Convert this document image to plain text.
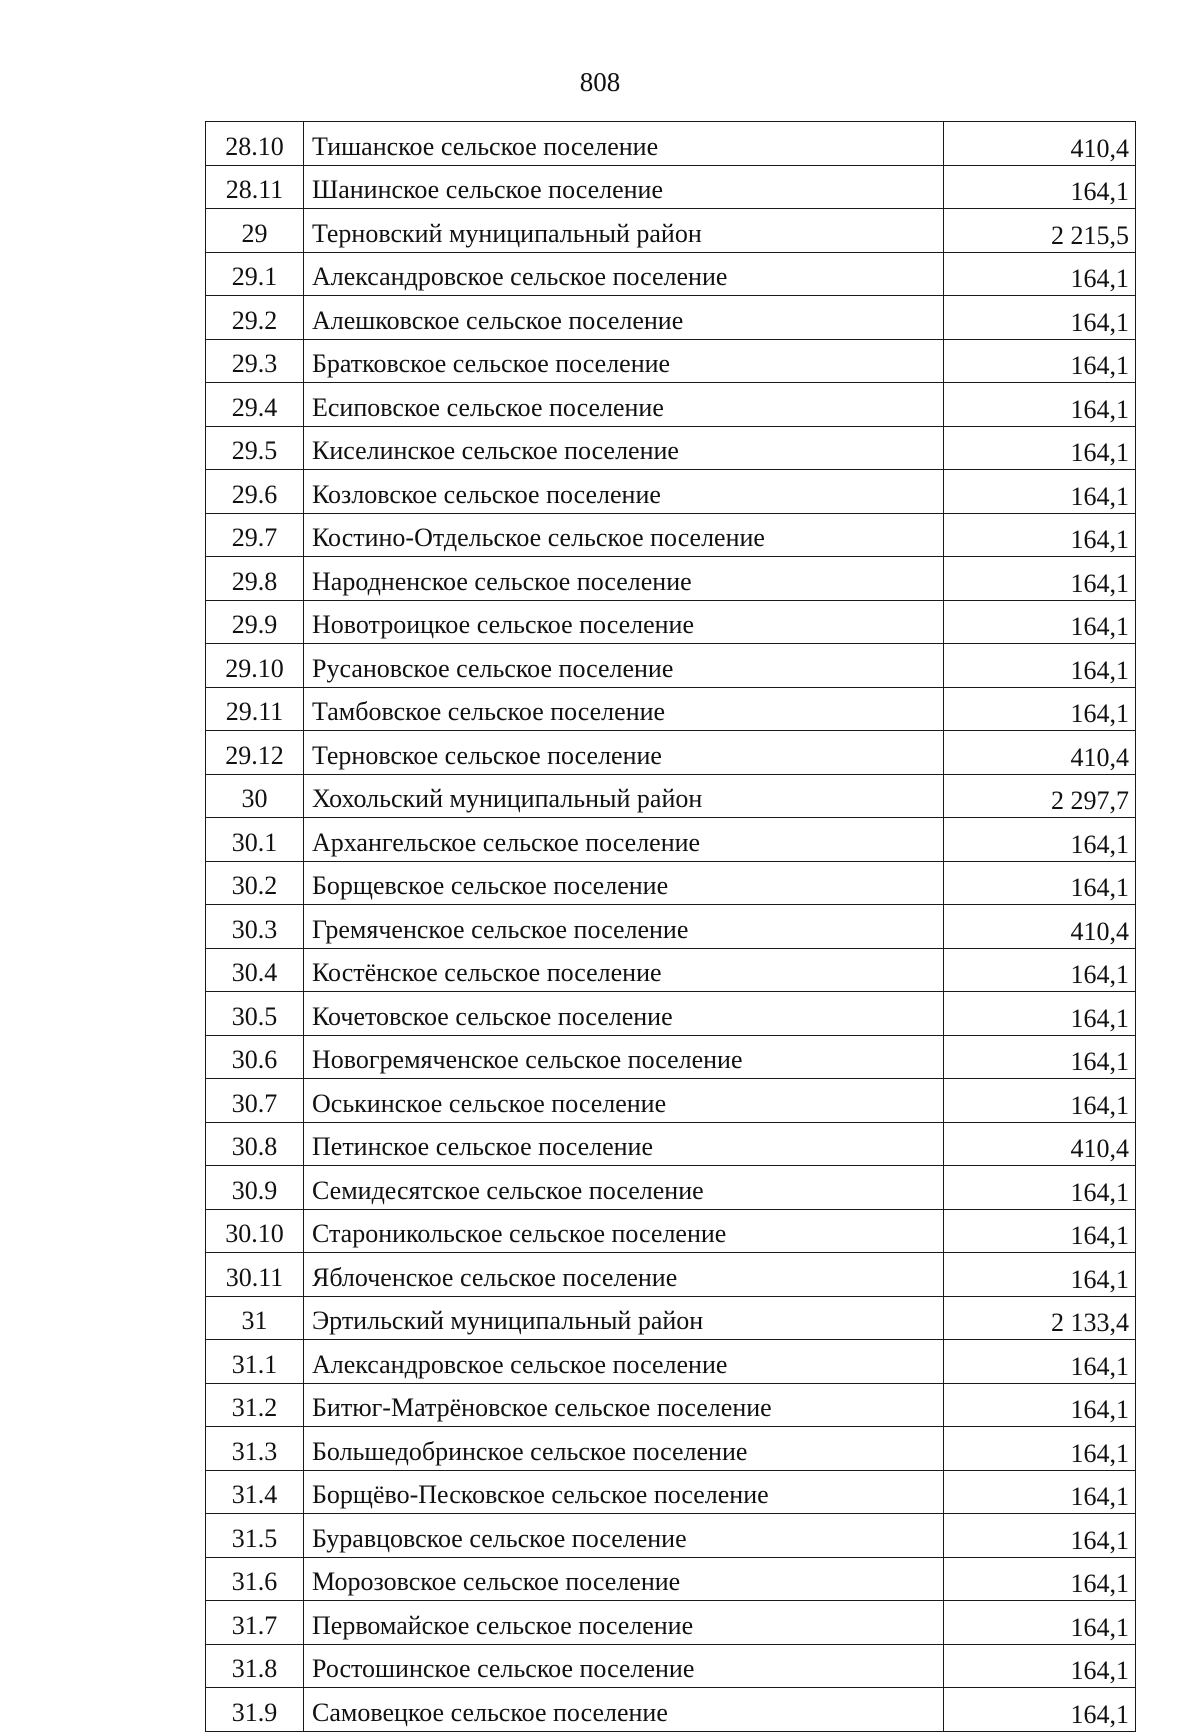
808
28.10	Тишанское сельское поселение	410,4
28.11	Шанинское сельское поселение	164,1
29	Терновский муниципальный район	2 215,5
29.1	Александровское сельское поселение	164,1
29.2	Алешковское сельское поселение	164,1
29.3	Братковское сельское поселение	164,1
29.4	Есиповское сельское поселение	164,1
29.5	Киселинское сельское поселение	164,1
29.6	Козловское сельское поселение	164,1
29.7	Костино-Отдельское сельское поселение	164,1
29.8	Народненское сельское поселение	164,1
29.9	Новотроицкое сельское поселение	164,1
29.10	Русановское сельское поселение	164,1
29.11	Тамбовское сельское поселение	164,1
29.12	Терновское сельское поселение	410,4
30	Хохольский муниципальный район	2 297,7
30.1	Архангельское сельское поселение	164,1
30.2	Борщевское сельское поселение	164,1
30.3	Гремяченское сельское поселение	410,4
30.4	Костёнское сельское поселение	164,1
30.5	Кочетовское сельское поселение	164,1
30.6	Новогремяченское сельское поселение	164,1
30.7	Оськинское сельское поселение	164,1
30.8	Петинское сельское поселение	410,4
30.9	Семидесятское сельское поселение	164,1
30.10	Староникольское сельское поселение	164,1
30.11	Яблоченское сельское поселение	164,1
31	Эртильский муниципальный район	2 133,4
31.1	Александровское сельское поселение	164,1
31.2	Битюг-Матрёновское сельское поселение	164,1
31.3	Большедобринское сельское поселение	164,1
31.4	Борщёво-Песковское сельское поселение	164,1
31.5	Буравцовское сельское поселение	164,1
31.6	Морозовское сельское поселение	164,1
31.7	Первомайское сельское поселение	164,1
31.8	Ростошинское сельское поселение	164,1
31.9	Самовецкое сельское поселение	164,1
